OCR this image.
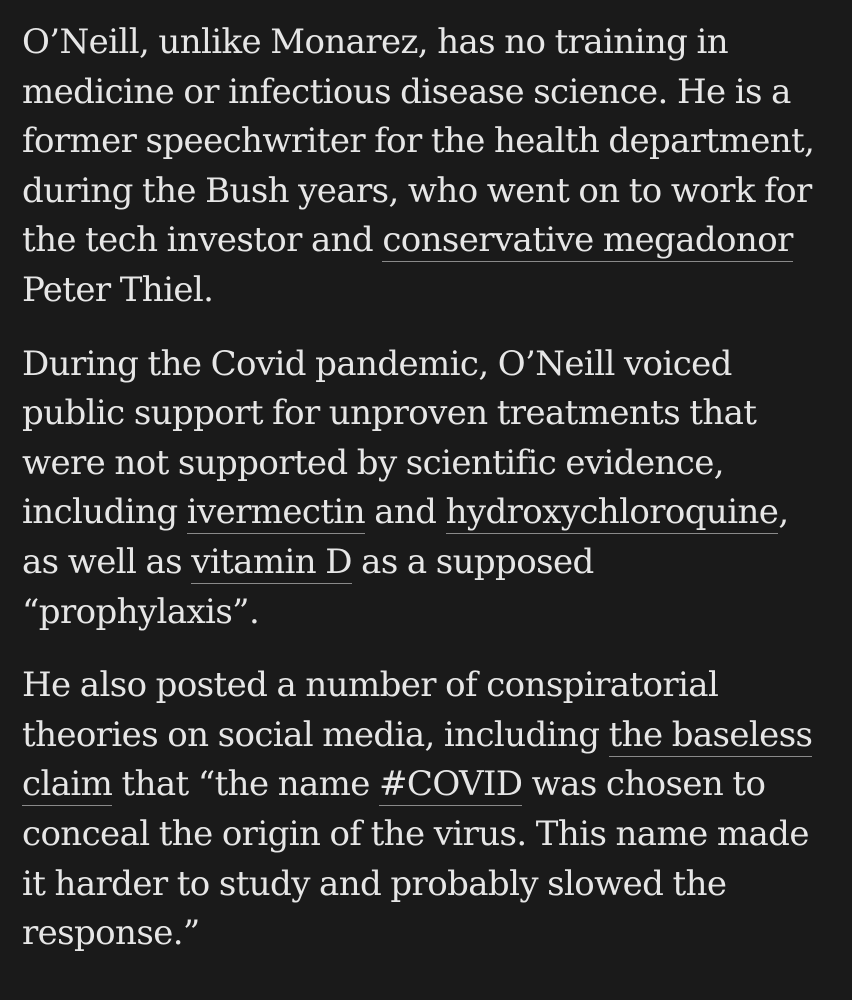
O’Neill, unlike Monarez, has no training in medicine or infectious disease science. He is a former speechwriter for the health department, during the Bush years, who went on to work for the tech investor and conservative megadonor Peter Thiel.

During the Covid pandemic, O’Neill voiced public support for unproven treatments that were not supported by scientific evidence, including ivermectin and hydroxychloroquine, as well as vitamin D as a supposed “prophylaxis”.

He also posted a number of conspiratorial theories on social media, including the baseless claim that “the name #COVID was chosen to conceal the origin of the virus. This name made it harder to study and probably slowed the response.”
